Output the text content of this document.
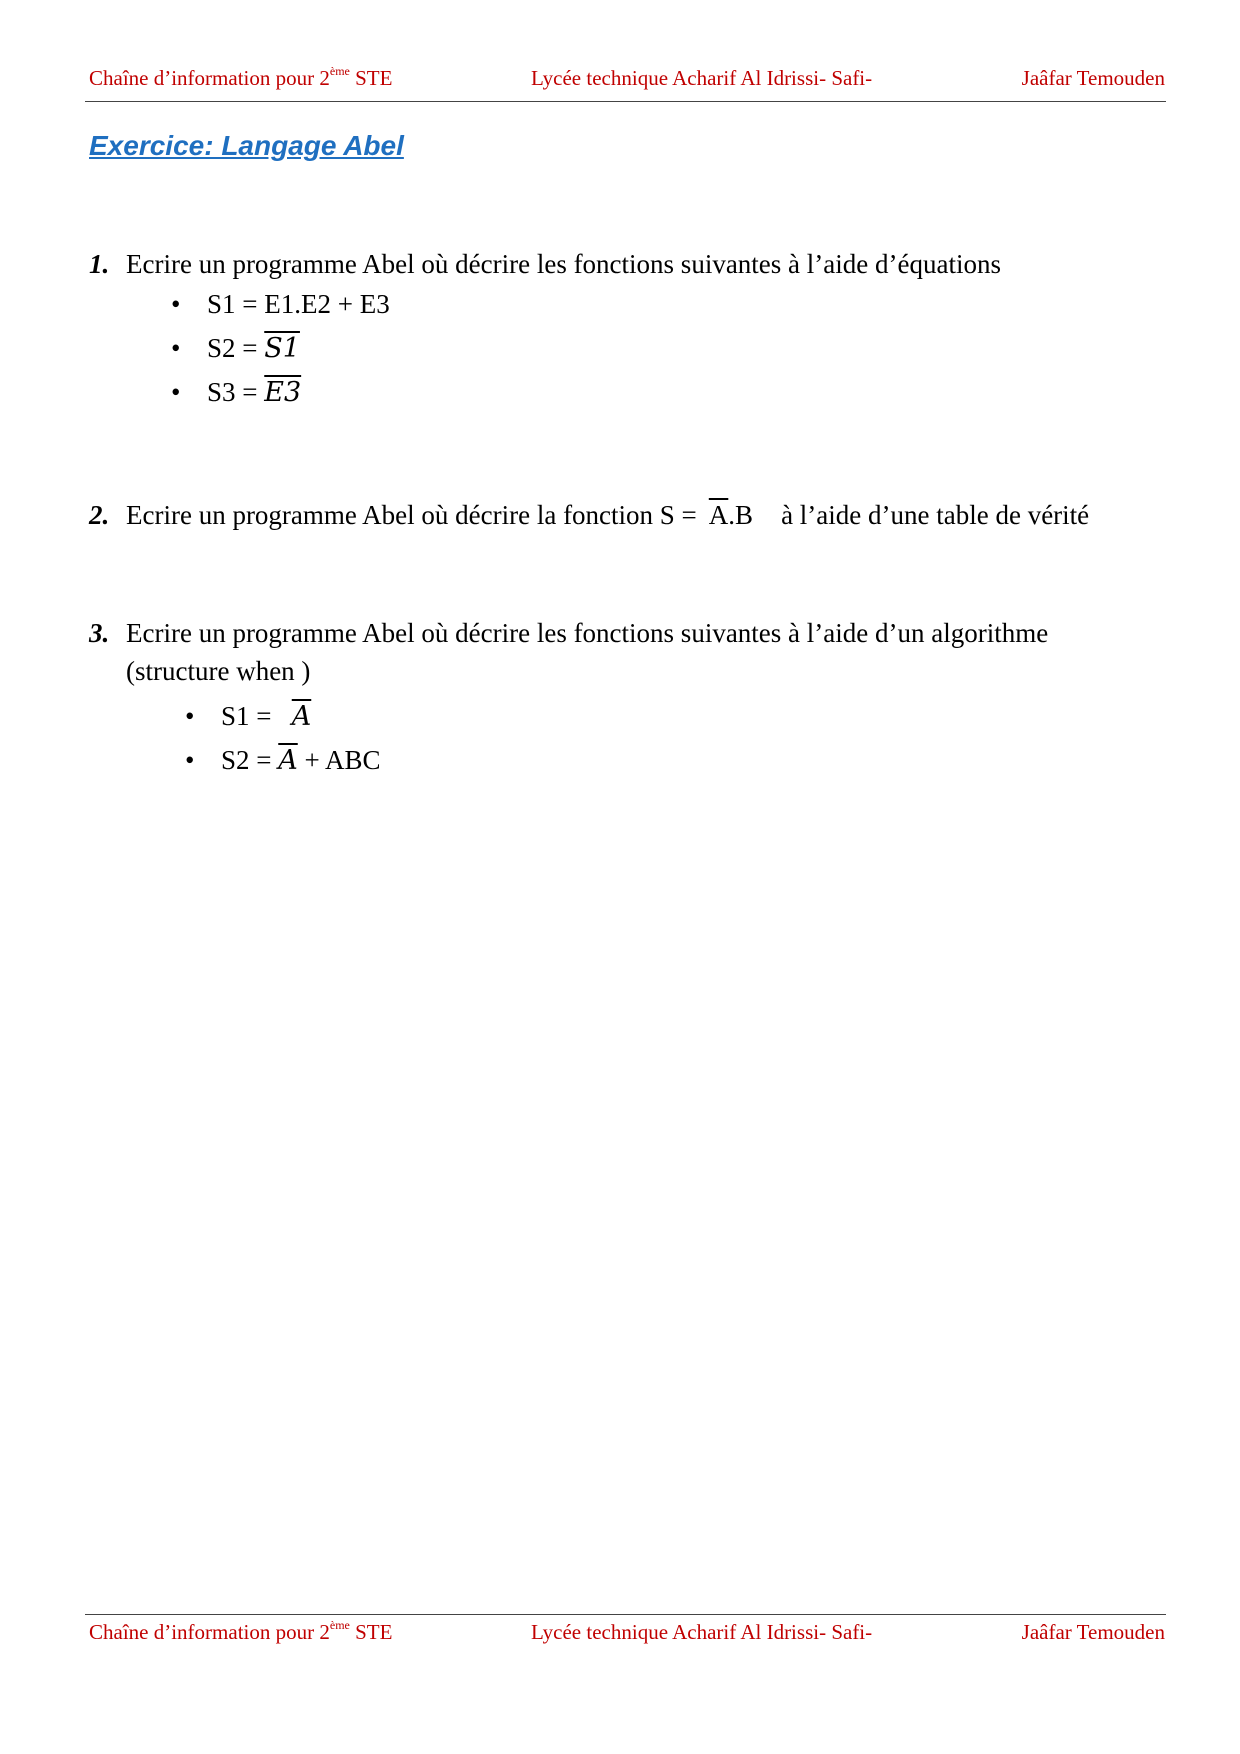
Chaîne d’information pour 2ème STE	Lycée technique Acharif Al Idrissi- Safi-	Jaâfar Temouden
Exercice: Langage Abel
1. Ecrire un programme Abel où décrire les fonctions suivantes à l’aide d’équations
• S1 = E1.E2 + E3
• S2 = S1
• S3 = E3
2. Ecrire un programme Abel où décrire la fonction $S = \overline{A}.B$ à l’aide d’une table de vérité
3. Ecrire un programme Abel où décrire les fonctions suivantes à l’aide d’un algorithme
(structure when )
• $S1 = \overline{A}$
• $S2 = \overline{A}$ + ABC
Chaîne d’information pour 2ème STE	Lycée technique Acharif Al Idrissi- Safi-	Jaâfar Temouden
